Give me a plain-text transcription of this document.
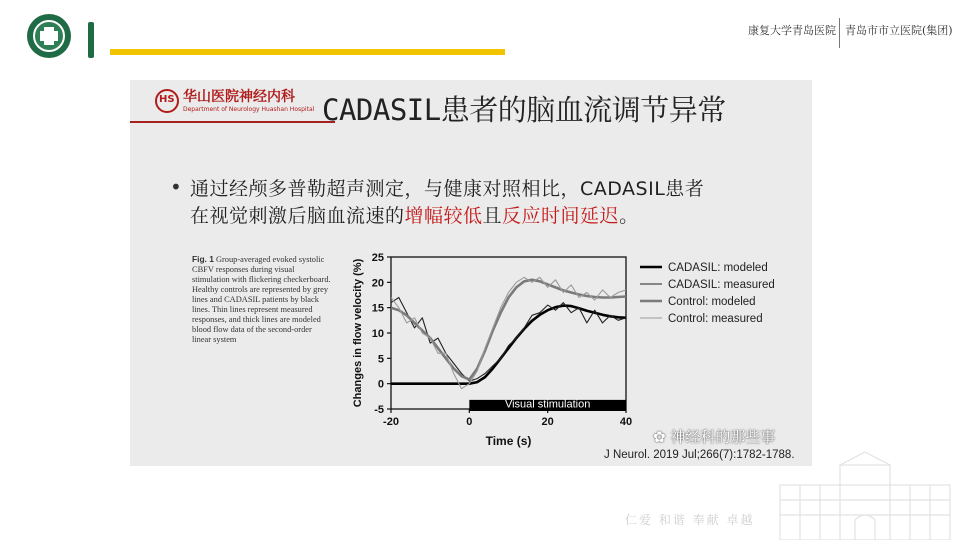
康复大学青岛医院 青岛市市立医院(集团)
HS 华山医院神经内科
Department of Neurology Huashan Hospital CADASIL患者的脑血流调节异常
• 通过经颅多普勒超声测定，与健康对照相比，CADASIL患者
在视觉刺激后脑血流速的增幅较低且反应时间延迟。
Fig. 1 Group-averaged evoked systolic CBFV responses during visual stimulation with flickering checkerboard. Healthy controls are represented by grey lines and CADASIL patients by black lines. Thin lines represent measured responses, and thick lines are modeled blood flow data of the second-order linear system
-5
0
5
10
15
20
25
-20	0	20	40
Time (s)
Changes in flow velocity (%)	Visual stimulation
CADASIL: modeled
CADASIL: measured
Control: modeled
Control: measured
✿ 神经科的那些事
J Neurol. 2019 Jul;266(7):1782-1788.
仁爱 和谐 奉献 卓越
